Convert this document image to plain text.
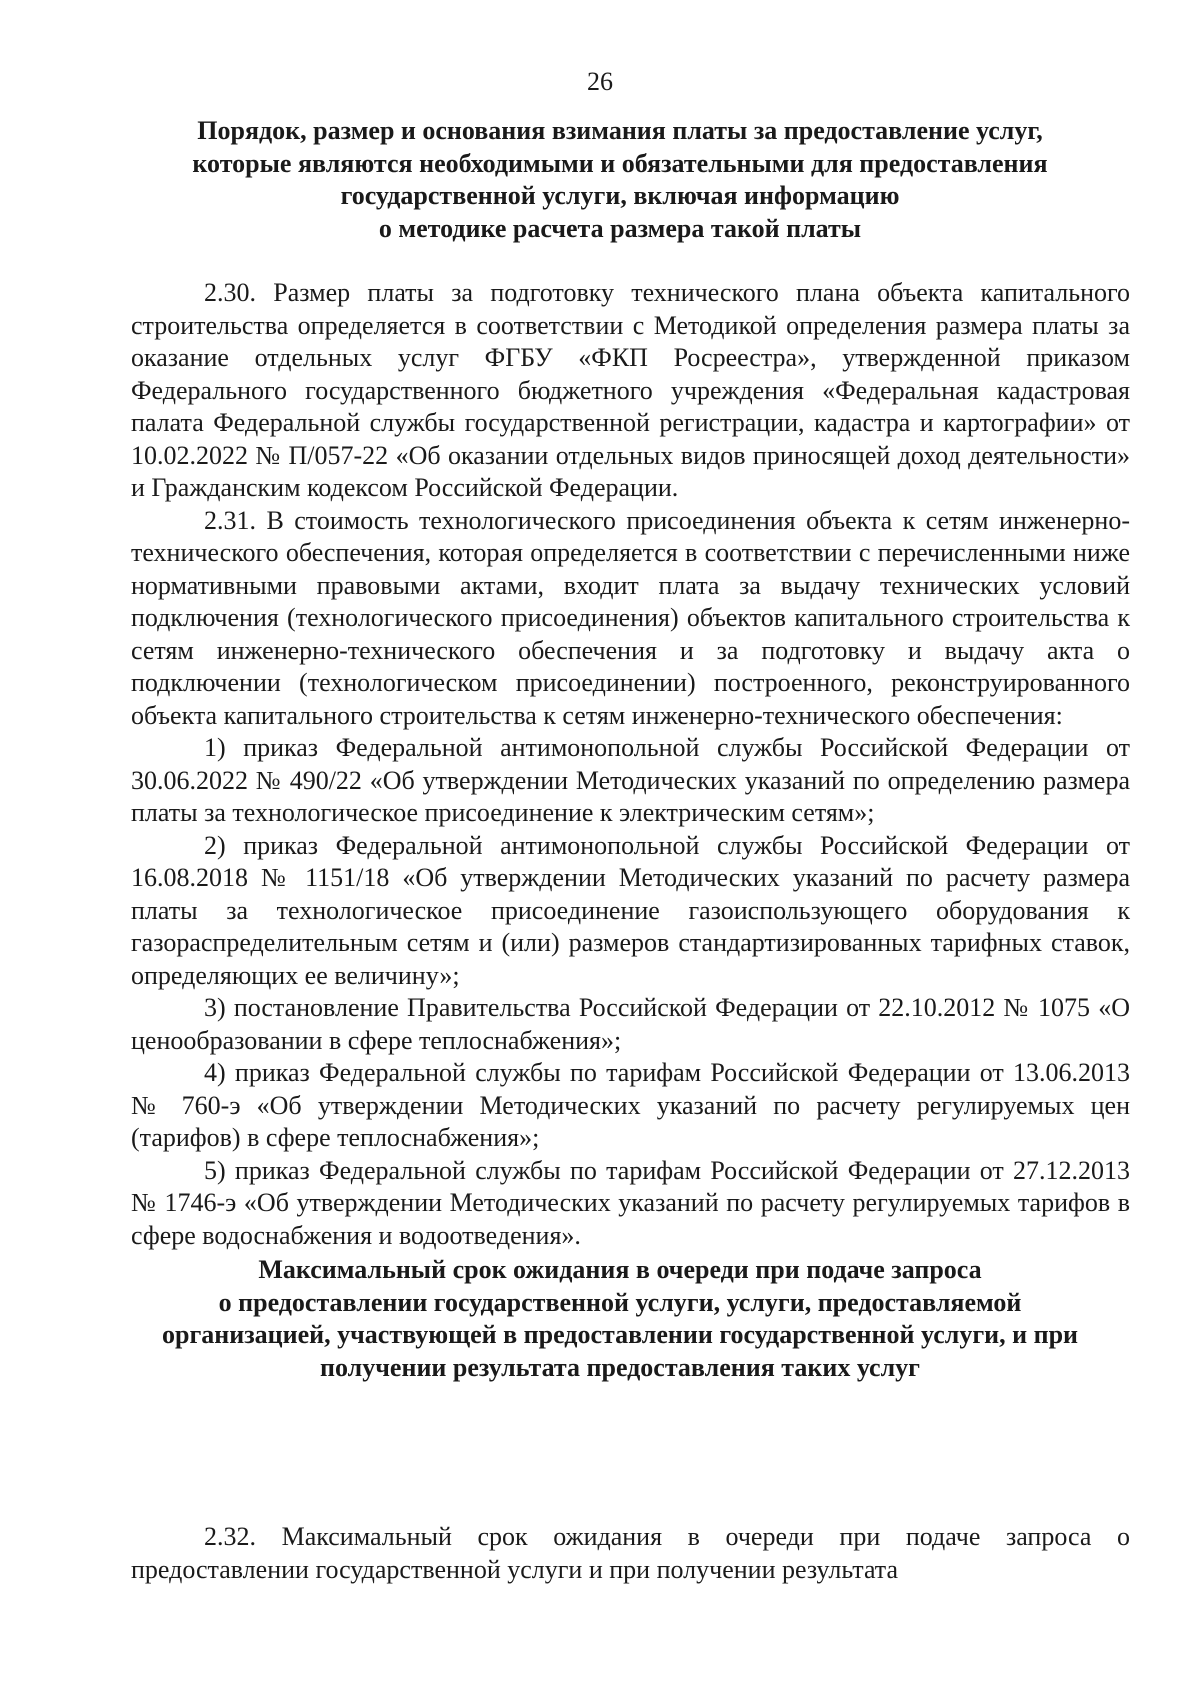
26
Порядок, размер и основания взимания платы за предоставление услуг,
которые являются необходимыми и обязательными для предоставления
государственной услуги, включая информацию
о методике расчета размера такой платы

2.30. Размер платы за подготовку технического плана объекта капитального строительства определяется в соответствии с Методикой определения размера платы за оказание отдельных услуг ФГБУ «ФКП Росреестра», утвержденной приказом Федерального государственного бюджетного учреждения «Федеральная кадастровая палата Федеральной службы государственной регистрации, кадастра и картографии» от 10.02.2022 № П/057-22 «Об оказании отдельных видов приносящей доход деятельности» и Гражданским кодексом Российской Федерации.

2.31. В стоимость технологического присоединения объекта к сетям инженерно-технического обеспечения, которая определяется в соответствии с перечисленными ниже нормативными правовыми актами, входит плата за выдачу технических условий подключения (технологического присоединения) объектов капитального строительства к сетям инженерно-технического обеспечения и за подготовку и выдачу акта о подключении (технологическом присоединении) построенного, реконструированного объекта капитального строительства к сетям инженерно-технического обеспечения:

1) приказ Федеральной антимонопольной службы Российской Федерации от 30.06.2022 № 490/22 «Об утверждении Методических указаний по определению размера платы за технологическое присоединение к электрическим сетям»;

2) приказ Федеральной антимонопольной службы Российской Федерации от 16.08.2018 № 1151/18 «Об утверждении Методических указаний по расчету размера платы за технологическое присоединение газоиспользующего оборудования к газораспределительным сетям и (или) размеров стандартизированных тарифных ставок, определяющих ее величину»;

3) постановление Правительства Российской Федерации от 22.10.2012 № 1075 «О ценообразовании в сфере теплоснабжения»;

4) приказ Федеральной службы по тарифам Российской Федерации от 13.06.2013 № 760-э «Об утверждении Методических указаний по расчету регулируемых цен (тарифов) в сфере теплоснабжения»;

5) приказ Федеральной службы по тарифам Российской Федерации от 27.12.2013 № 1746-э «Об утверждении Методических указаний по расчету регулируемых тарифов в сфере водоснабжения и водоотведения».

Максимальный срок ожидания в очереди при подаче запроса
о предоставлении государственной услуги, услуги, предоставляемой
организацией, участвующей в предоставлении государственной услуги, и при
получении результата предоставления таких услуг

2.32. Максимальный срок ожидания в очереди при подаче запроса о предоставлении государственной услуги и при получении результата
